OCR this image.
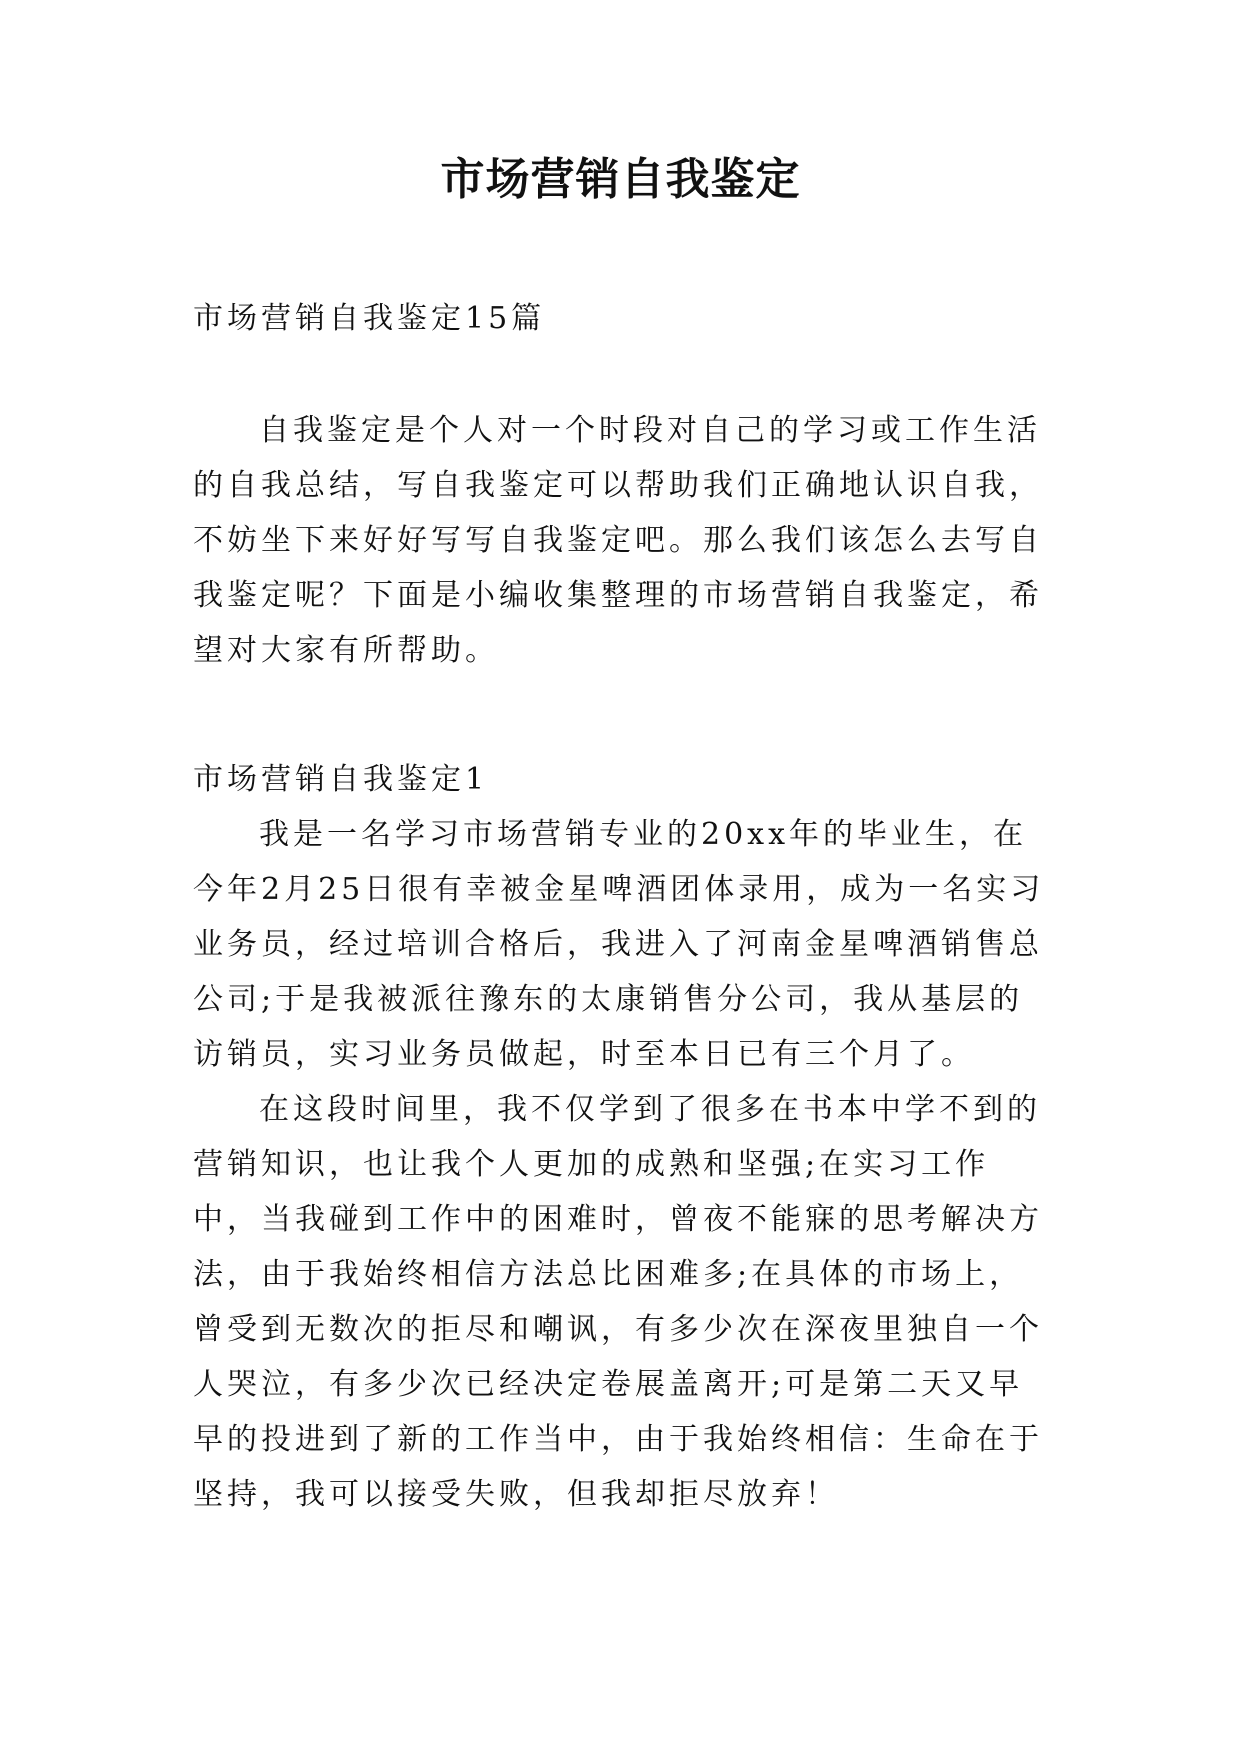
市场营销自我鉴定

市场营销自我鉴定15篇

自我鉴定是个人对一个时段对自己的学习或工作生活的自我总结，写自我鉴定可以帮助我们正确地认识自我，不妨坐下来好好写写自我鉴定吧。那么我们该怎么去写自我鉴定呢？下面是小编收集整理的市场营销自我鉴定，希望对大家有所帮助。

市场营销自我鉴定1

我是一名学习市场营销专业的20xx年的毕业生，在今年2月25日很有幸被金星啤酒团体录用，成为一名实习业务员，经过培训合格后，我进入了河南金星啤酒销售总公司;于是我被派往豫东的太康销售分公司，我从基层的访销员，实习业务员做起，时至本日已有三个月了。

在这段时间里，我不仅学到了很多在书本中学不到的营销知识，也让我个人更加的成熟和坚强;在实习工作中，当我碰到工作中的困难时，曾夜不能寐的思考解决方法，由于我始终相信方法总比困难多;在具体的市场上，曾受到无数次的拒尽和嘲讽，有多少次在深夜里独自一个人哭泣，有多少次已经决定卷展盖离开;可是第二天又早早的投进到了新的工作当中，由于我始终相信：生命在于坚持，我可以接受失败，但我却拒尽放弃！
